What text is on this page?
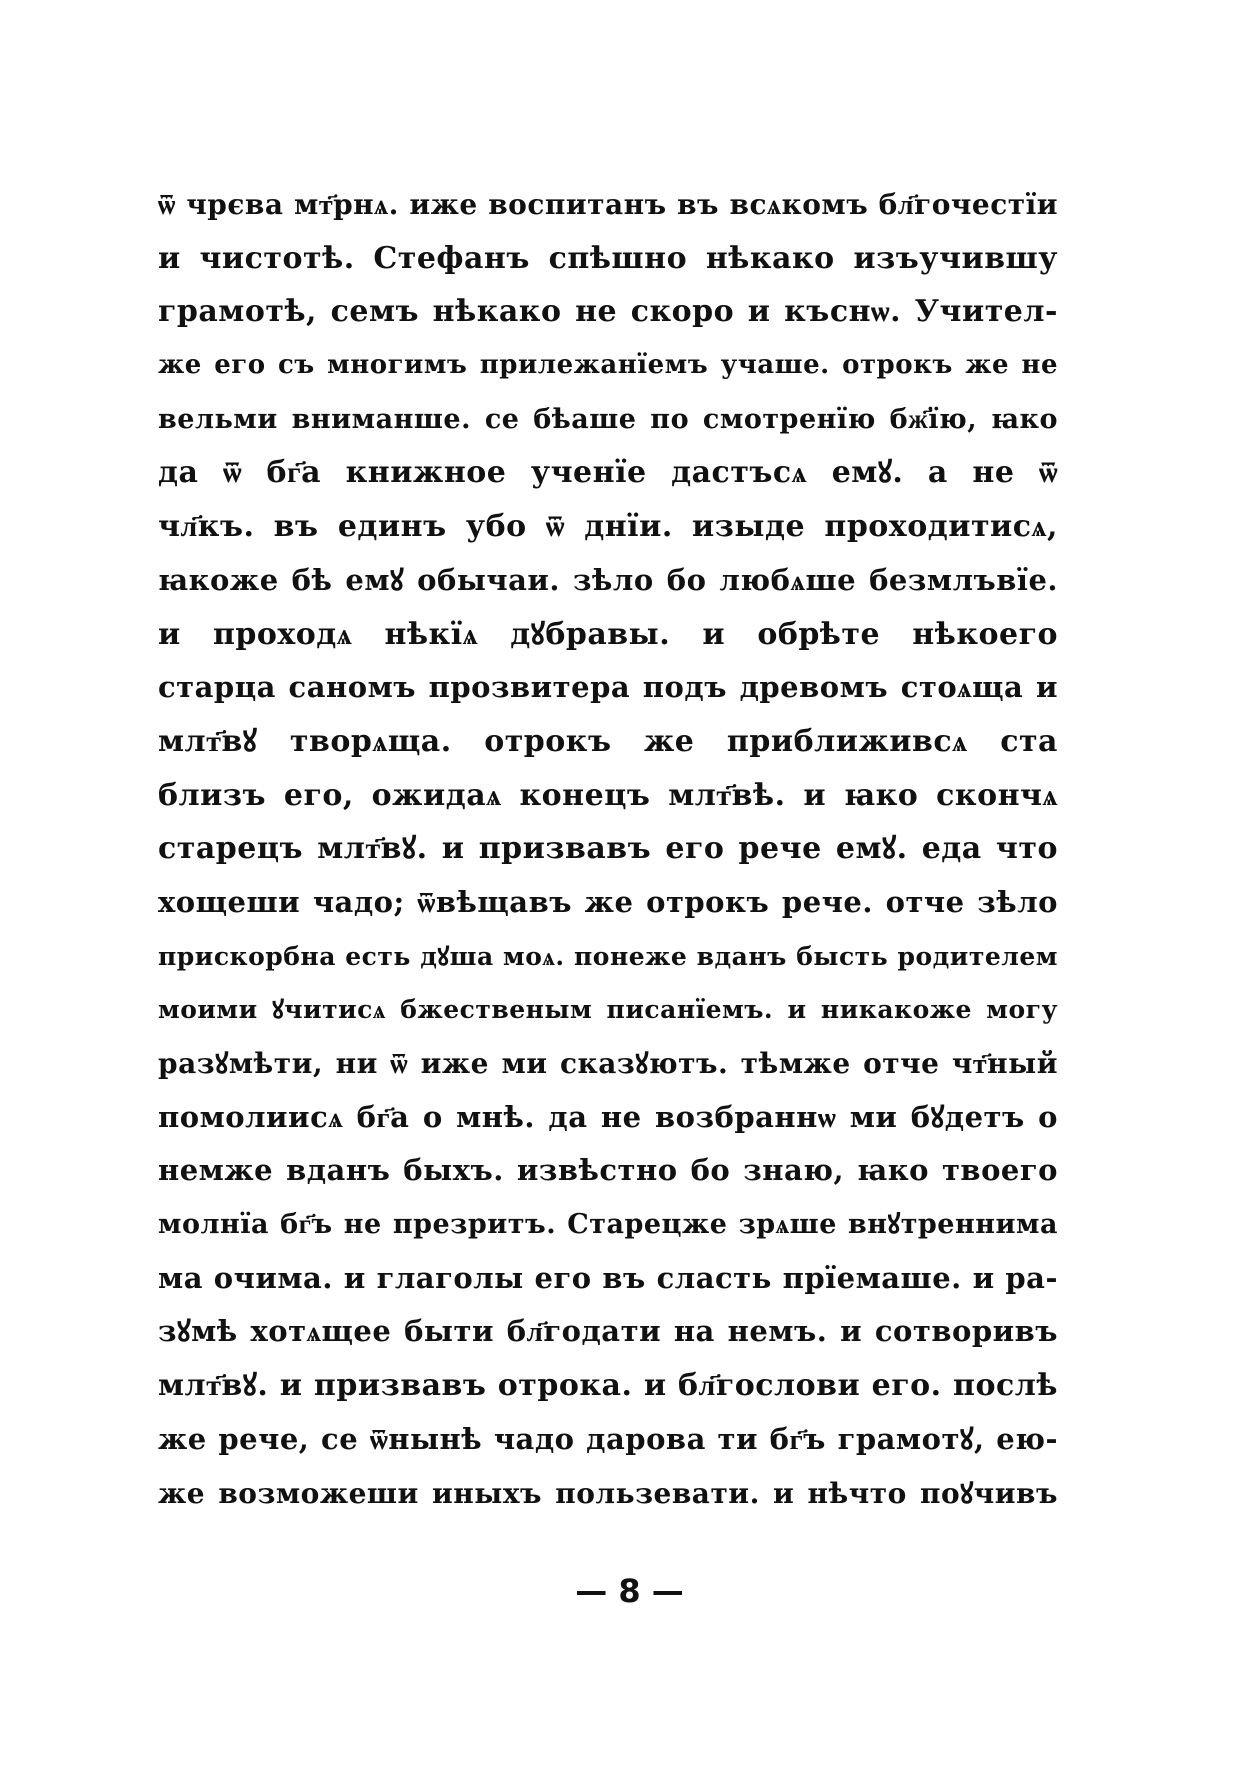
ѿ чрєва мт҃рнѧ. иже воспитанъ въ всѧкомъ бл҃гочестїи
и чистотѣ. Стефанъ спѣшно нѣкако изъучившу
грамотѣ, семъ нѣкако не скоро и къснѡ. Учител-
же его съ многимъ прилежанїемъ учаше. отрокъ же не
вельми вниманше. се бѣаше по смотренїю бж҃їю, ꙗко
да ѿ бг҃а книжное ученїе дастъсѧ емꙋ. а не ѿ
чл҃къ. въ единъ убо ѿ днїи. изыде проходитисѧ,
ꙗкоже бѣ емꙋ обычаи. зѣло бо любѧше безмлъвїе.
и проходѧ нѣкїѧ дꙋбравы. и обрѣте нѣкоего
старца саномъ прозвитера подъ древомъ стоѧща и
млт҃вꙋ творѧща. отрокъ же приближивсѧ ста
близъ его, ожидаѧ конецъ млт҃вѣ. и ꙗко скончѧ
старецъ млт҃вꙋ. и призвавъ его рече емꙋ. еда что
хощеши чадо; ѿвѣщавъ же отрокъ рече. отче зѣло
прискорбна есть дꙋша моѧ. понеже вданъ бысть родителем
моими ꙋчитисѧ бжественым писанїемъ. и никакоже могу
разꙋмѣти, ни ѿ иже ми сказꙋютъ. тѣмже отче чт҃ный
помолиисѧ бг҃а о мнѣ. да не возбраннѡ ми бꙋдетъ о
немже вданъ быхъ. извѣстно бо знаю, ꙗко твоего
молнїа бг҃ъ не презритъ. Старецже зрѧше внꙋтреннима
ма очима. и глаголы его въ сласть прїемаше. и ра-
зꙋмѣ хотѧщее быти бл҃годати на немъ. и сотворивъ
млт҃вꙋ. и призвавъ отрока. и бл҃гослови его. послѣ
же рече, се ѿнынѣ чадо дарова ти бг҃ъ грамотꙋ, ею-
же возможеши иныхъ пользевати. и нѣчто поꙋчивъ
— 8 —
